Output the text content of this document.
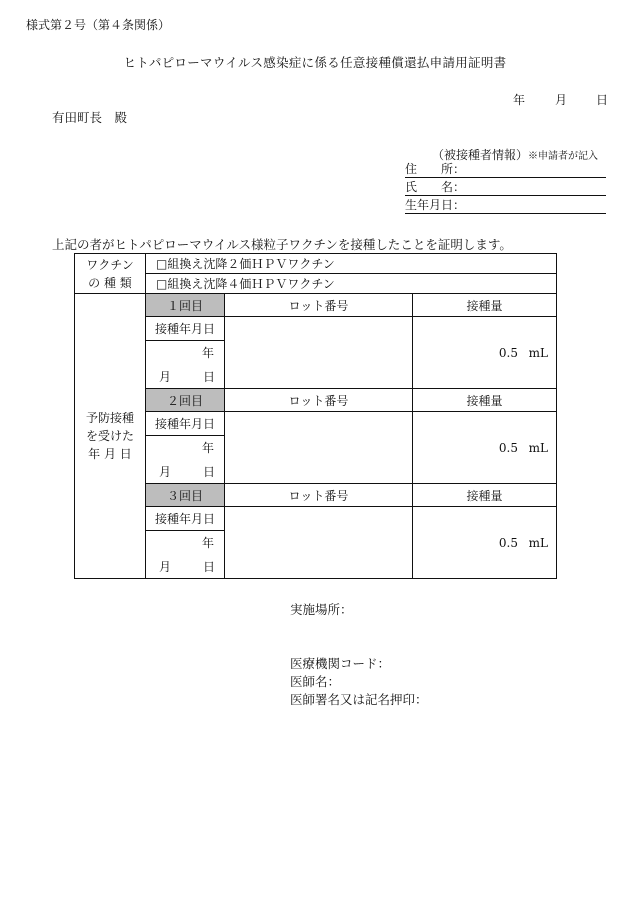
様式第２号（第４条関係）
ヒトパピローマウイルス感染症に係る任意接種償還払申請用証明書
年 月 日
有田町長　殿
（被接種者情報）※申請者が記入
住　　所：
氏　　名：
生年月日：
上記の者がヒトパピローマウイルス様粒子ワクチンを接種したことを証明します。
ワクチン
の 種 類	□組換え沈降２価ＨＰＶワクチン		
	□組換え沈降４価ＨＰＶワクチン		

予防接種
を受けた
年 月 日	１回目	ロット番号	接種量
	接種年月日		0.5 mL
	年		
	月 日		
	２回目	ロット番号	接種量
	接種年月日		0.5 mL
	年		
	月 日		
	３回目	ロット番号	接種量
	接種年月日		0.5 mL
	年		
	月 日		
実施場所：
医療機関コード：
医師名：
医師署名又は記名押印：
